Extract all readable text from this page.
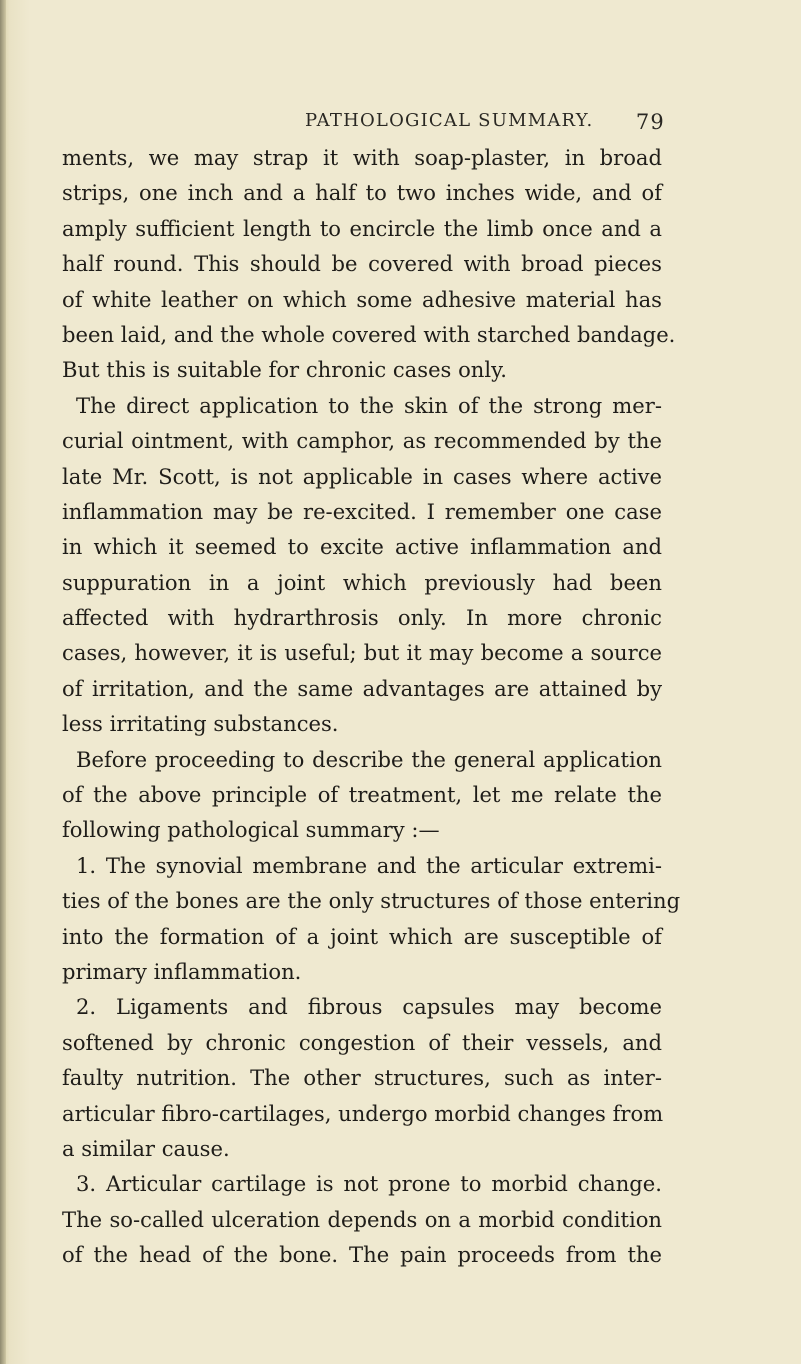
PATHOLOGICAL SUMMARY. 79
ments, we may strap it with soap-plaster, in broad
strips, one inch and a half to two inches wide, and of
amply sufficient length to encircle the limb once and a
half round. This should be covered with broad pieces
of white leather on which some adhesive material has
been laid, and the whole covered with starched bandage.
But this is suitable for chronic cases only.
The direct application to the skin of the strong mer-
curial ointment, with camphor, as recommended by the
late Mr. Scott, is not applicable in cases where active
inflammation may be re-excited. I remember one case
in which it seemed to excite active inflammation and
suppuration in a joint which previously had been
affected with hydrarthrosis only. In more chronic
cases, however, it is useful; but it may become a source
of irritation, and the same advantages are attained by
less irritating substances.
Before proceeding to describe the general application
of the above principle of treatment, let me relate the
following pathological summary :—
1. The synovial membrane and the articular extremi-
ties of the bones are the only structures of those entering
into the formation of a joint which are susceptible of
primary inflammation.
2. Ligaments and fibrous capsules may become
softened by chronic congestion of their vessels, and
faulty nutrition. The other structures, such as inter-
articular fibro-cartilages, undergo morbid changes from
a similar cause.
3. Articular cartilage is not prone to morbid change.
The so-called ulceration depends on a morbid condition
of the head of the bone. The pain proceeds from the
